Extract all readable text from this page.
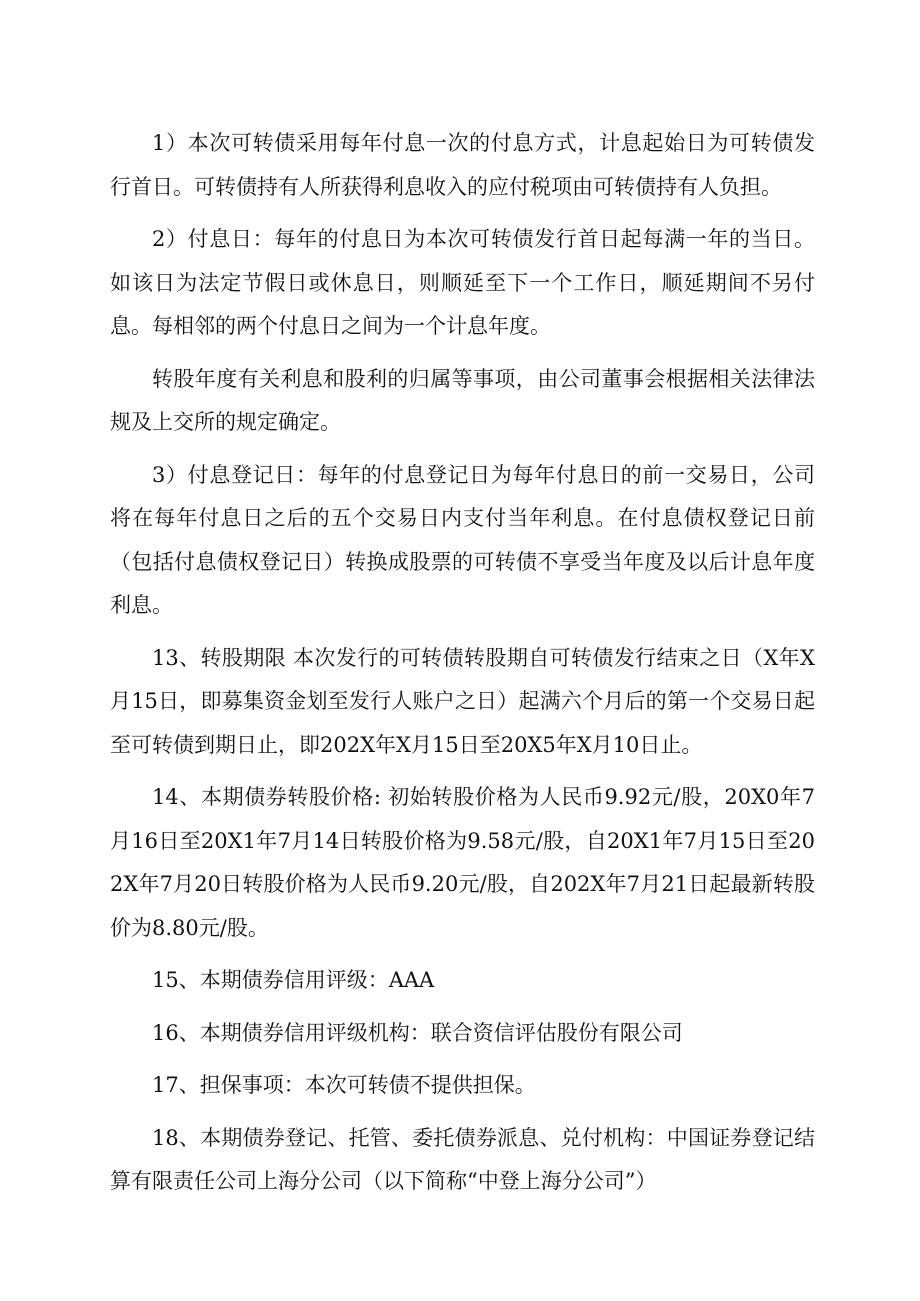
1）本次可转债采用每年付息一次的付息方式，计息起始日为可转债发行首日。可转债持有人所获得利息收入的应付税项由可转债持有人负担。

2）付息日：每年的付息日为本次可转债发行首日起每满一年的当日。如该日为法定节假日或休息日，则顺延至下一个工作日，顺延期间不另付息。每相邻的两个付息日之间为一个计息年度。

转股年度有关利息和股利的归属等事项，由公司董事会根据相关法律法规及上交所的规定确定。

3）付息登记日：每年的付息登记日为每年付息日的前一交易日，公司将在每年付息日之后的五个交易日内支付当年利息。在付息债权登记日前（包括付息债权登记日）转换成股票的可转债不享受当年度及以后计息年度利息。

13、转股期限 本次发行的可转债转股期自可转债发行结束之日（X年X月15日，即募集资金划至发行人账户之日）起满六个月后的第一个交易日起至可转债到期日止，即202X年X月15日至20X5年X月10日止。

14、本期债券转股价格: 初始转股价格为人民币9.92元/股，20X0年7月16日至20X1年7月14日转股价格为9.58元/股，自20X1年7月15日至202X年7月20日转股价格为人民币9.20元/股，自202X年7月21日起最新转股价为8.80元/股。

15、本期债券信用评级：AAA

16、本期债券信用评级机构：联合资信评估股份有限公司

17、担保事项：本次可转债不提供担保。

18、本期债券登记、托管、委托债券派息、兑付机构：中国证券登记结算有限责任公司上海分公司（以下简称“中登上海分公司”）
